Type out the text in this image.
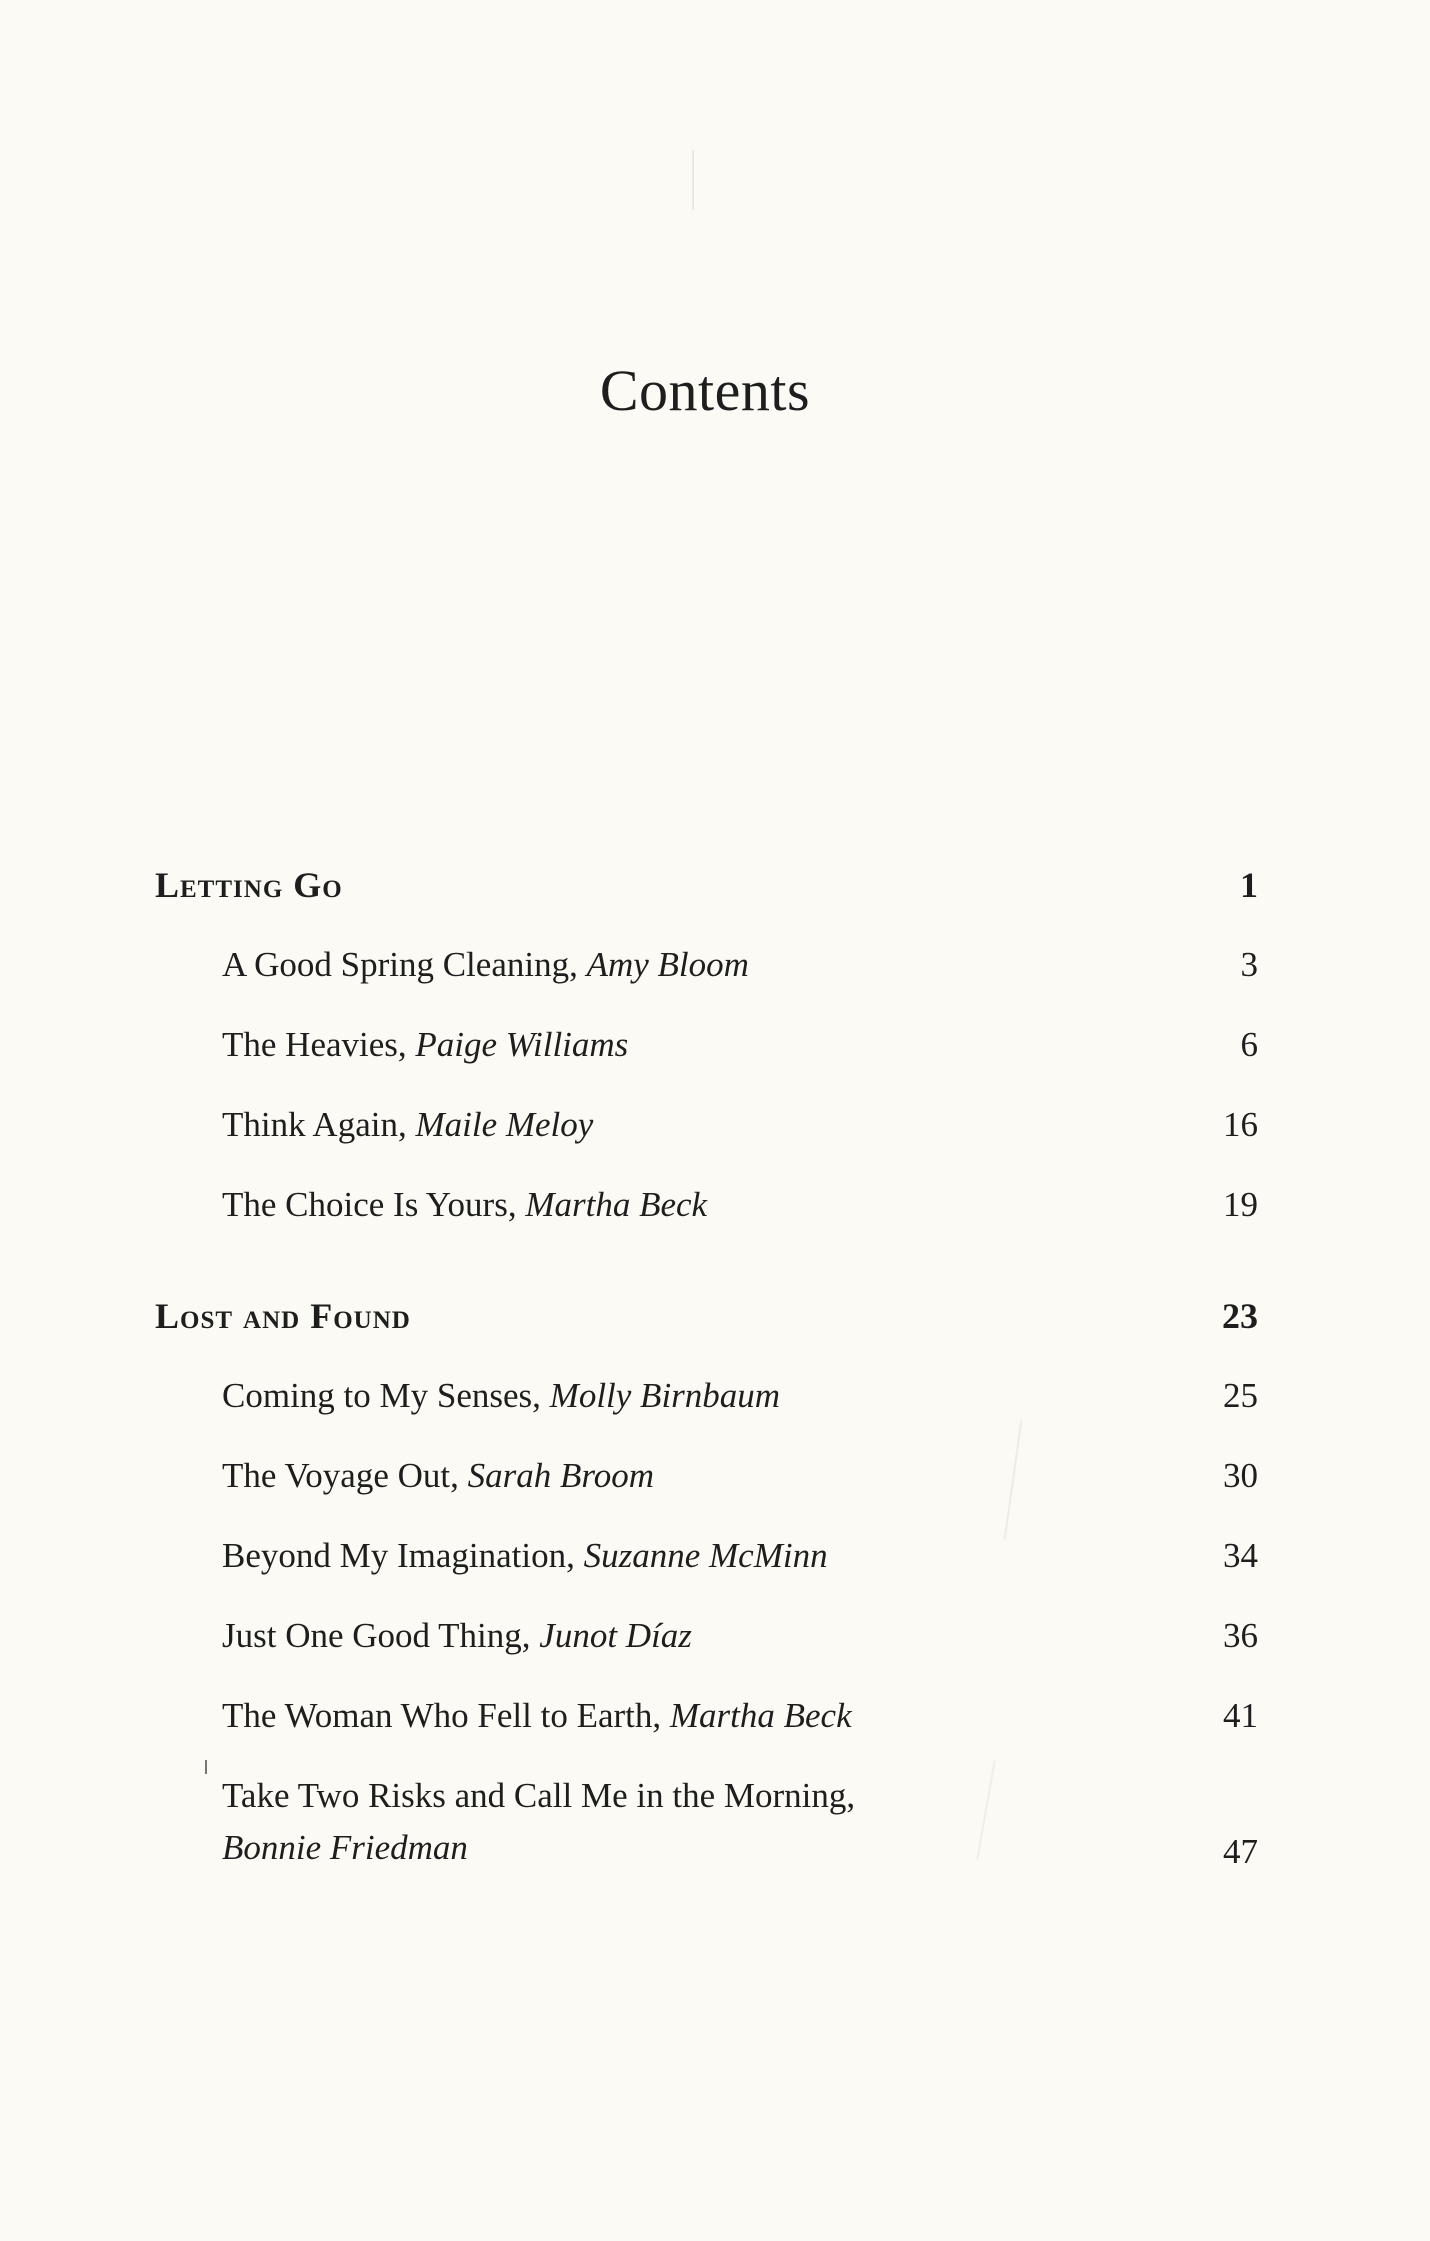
Contents
Letting Go	1
A Good Spring Cleaning, Amy Bloom	3
The Heavies, Paige Williams	6
Think Again, Maile Meloy	16
The Choice Is Yours, Martha Beck	19
Lost and Found	23
Coming to My Senses, Molly Birnbaum	25
The Voyage Out, Sarah Broom	30
Beyond My Imagination, Suzanne McMinn	34
Just One Good Thing, Junot Díaz	36
The Woman Who Fell to Earth, Martha Beck	41
Take Two Risks and Call Me in the Morning,
Bonnie Friedman	47
